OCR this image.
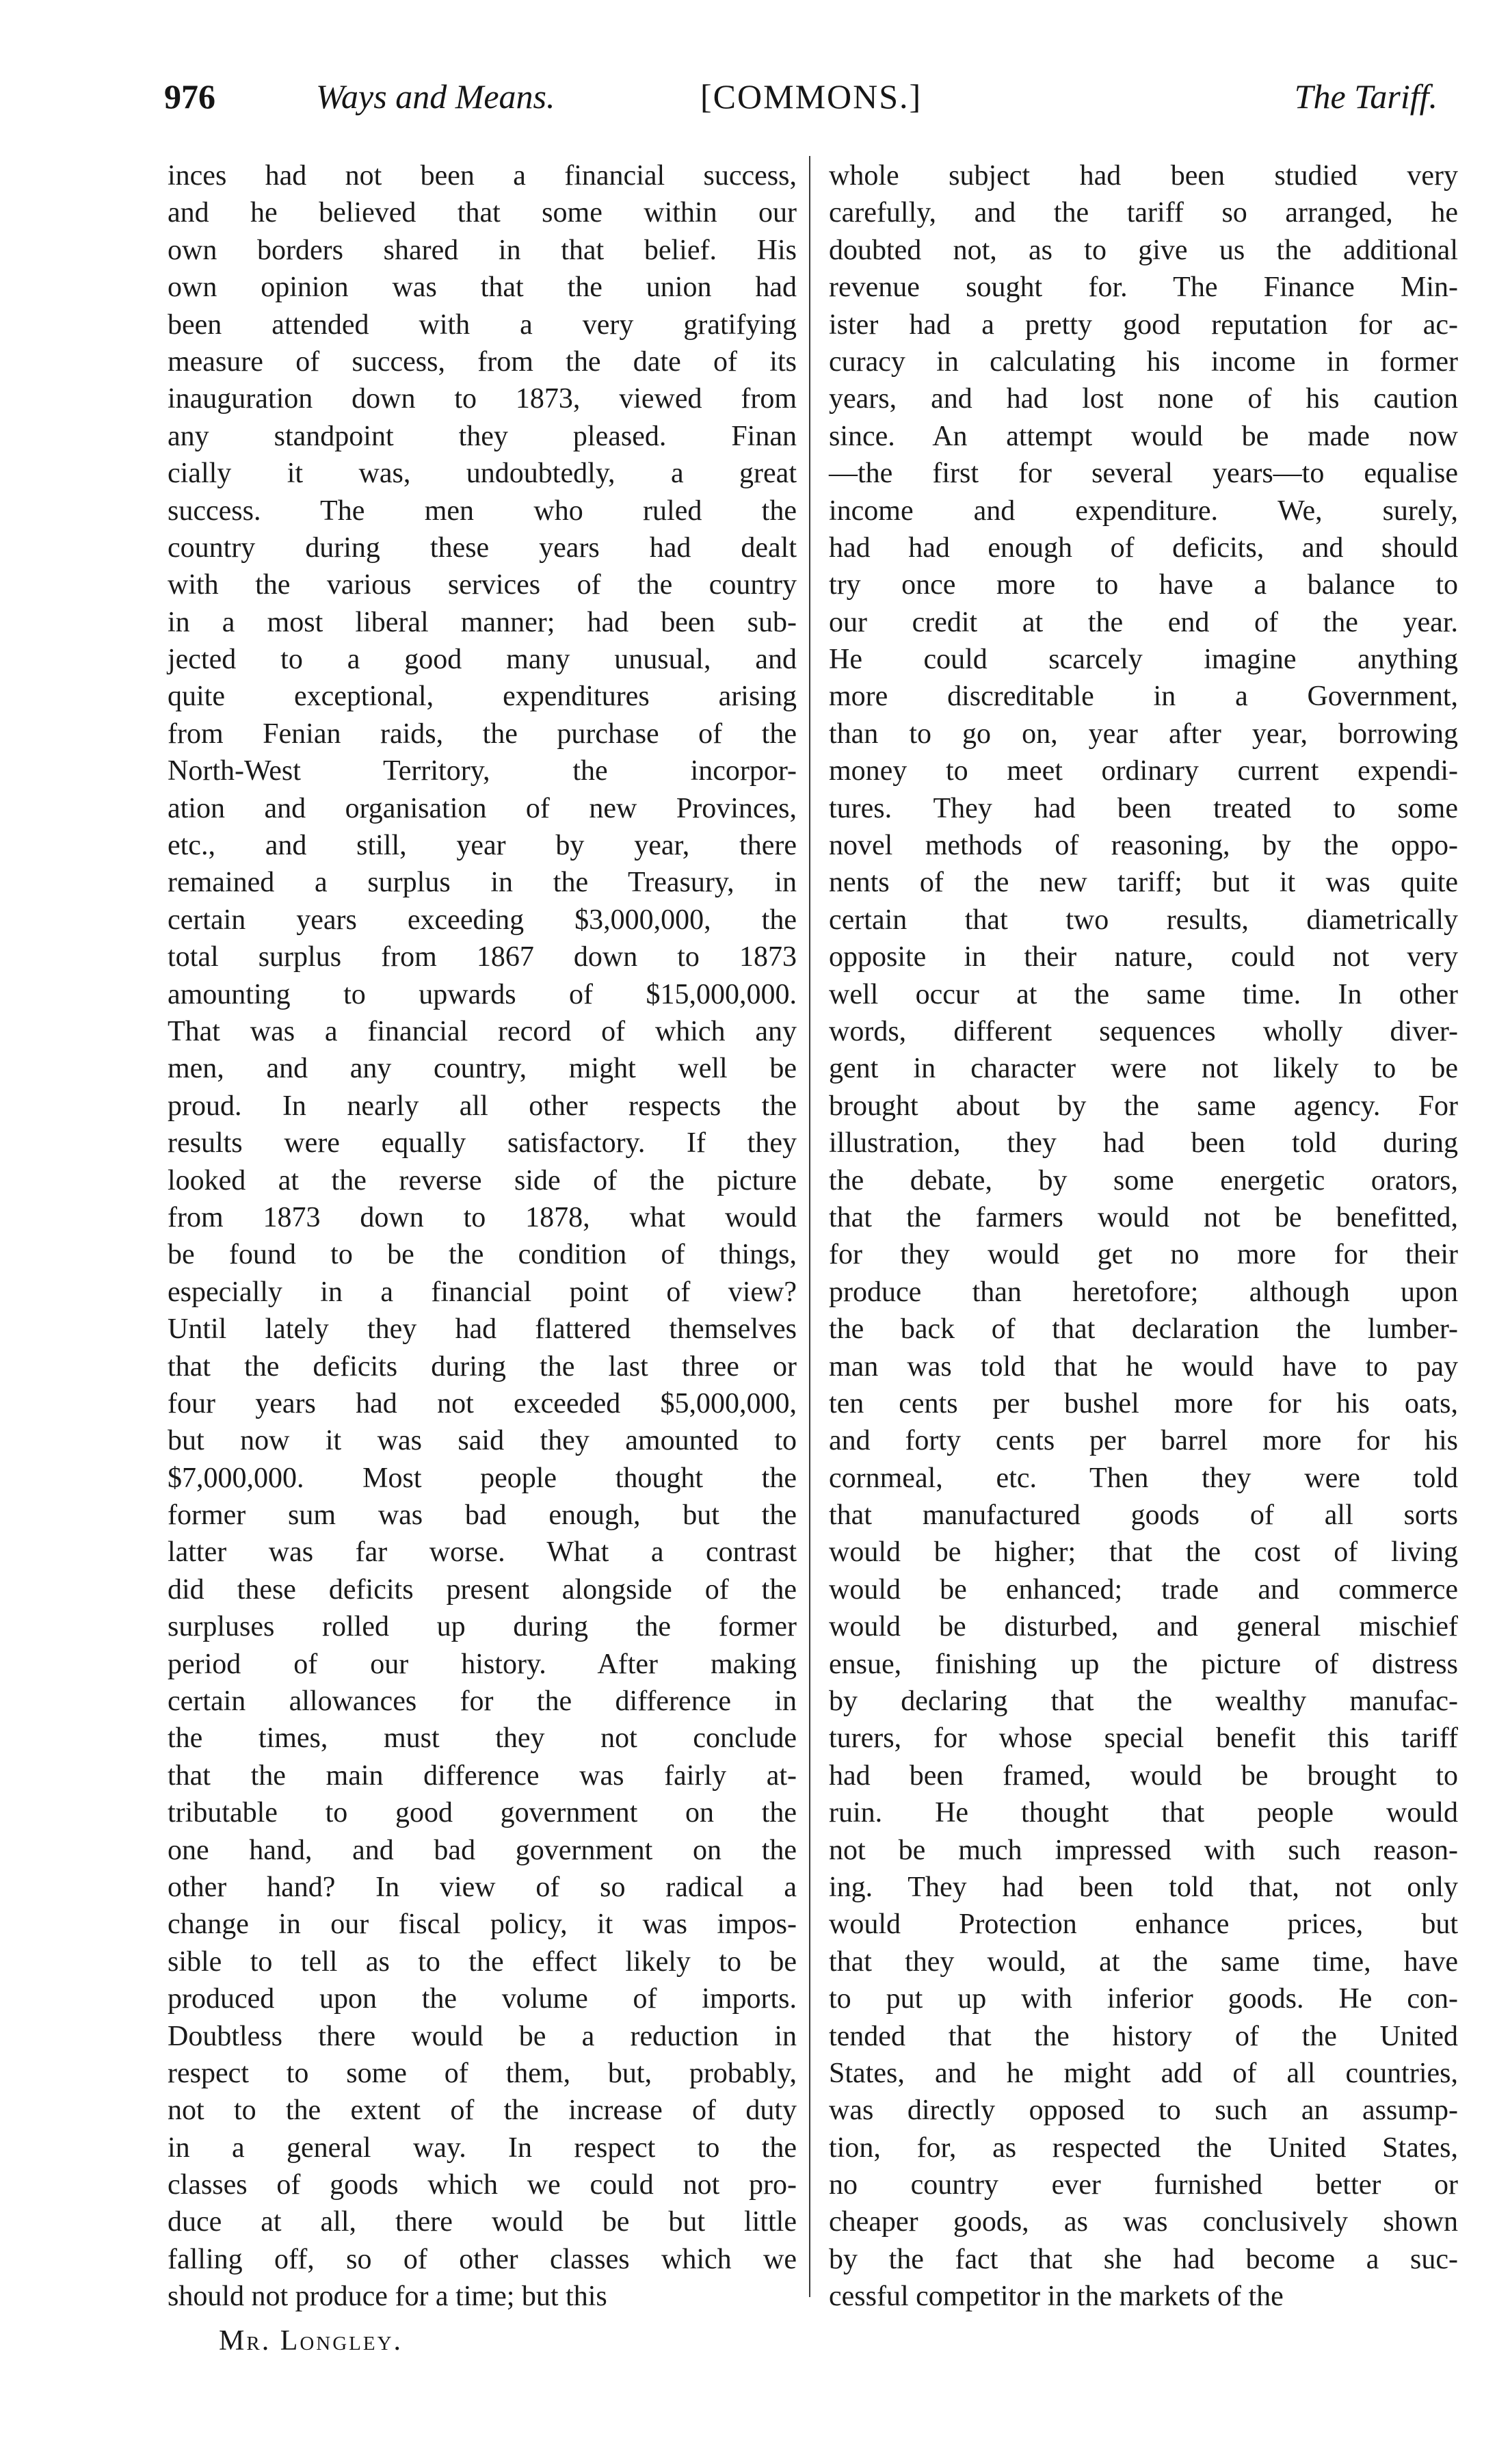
976	Ways and Means.	[COMMONS.]	The Tariff.
inces had not been a financial success,
and he believed that some within our
own borders shared in that belief. His
own opinion was that the union had
been attended with a very gratifying
measure of success, from the date of its
inauguration down to 1873, viewed from
any standpoint they pleased. Finan
cially it was, undoubtedly, a great
success. The men who ruled the
country during these years had dealt
with the various services of the country
in a most liberal manner; had been sub-
jected to a good many unusual, and
quite exceptional, expenditures arising
from Fenian raids, the purchase of the
North-West Territory, the incorpor-
ation and organisation of new Provinces,
etc., and still, year by year, there
remained a surplus in the Treasury, in
certain years exceeding $3,000,000, the
total surplus from 1867 down to 1873
amounting to upwards of $15,000,000.
That was a financial record of which any
men, and any country, might well be
proud. In nearly all other respects the
results were equally satisfactory. If they
looked at the reverse side of the picture
from 1873 down to 1878, what would
be found to be the condition of things,
especially in a financial point of view?
Until lately they had flattered themselves
that the deficits during the last three or
four years had not exceeded $5,000,000,
but now it was said they amounted to
$7,000,000. Most people thought the
former sum was bad enough, but the
latter was far worse. What a contrast
did these deficits present alongside of the
surpluses rolled up during the former
period of our history. After making
certain allowances for the difference in
the times, must they not conclude
that the main difference was fairly at-
tributable to good government on the
one hand, and bad government on the
other hand? In view of so radical a
change in our fiscal policy, it was impos-
sible to tell as to the effect likely to be
produced upon the volume of imports.
Doubtless there would be a reduction in
respect to some of them, but, probably,
not to the extent of the increase of duty
in a general way. In respect to the
classes of goods which we could not pro-
duce at all, there would be but little
falling off, so of other classes which we
should not produce for a time; but this
whole subject had been studied very
carefully, and the tariff so arranged, he
doubted not, as to give us the additional
revenue sought for. The Finance Min-
ister had a pretty good reputation for ac-
curacy in calculating his income in former
years, and had lost none of his caution
since. An attempt would be made now
—the first for several years—to equalise
income and expenditure. We, surely,
had had enough of deficits, and should
try once more to have a balance to
our credit at the end of the year.
He could scarcely imagine anything
more discreditable in a Government,
than to go on, year after year, borrowing
money to meet ordinary current expendi-
tures. They had been treated to some
novel methods of reasoning, by the oppo-
nents of the new tariff; but it was quite
certain that two results, diametrically
opposite in their nature, could not very
well occur at the same time. In other
words, different sequences wholly diver-
gent in character were not likely to be
brought about by the same agency. For
illustration, they had been told during
the debate, by some energetic orators,
that the farmers would not be benefitted,
for they would get no more for their
produce than heretofore; although upon
the back of that declaration the lumber-
man was told that he would have to pay
ten cents per bushel more for his oats,
and forty cents per barrel more for his
cornmeal, etc. Then they were told
that manufactured goods of all sorts
would be higher; that the cost of living
would be enhanced; trade and commerce
would be disturbed, and general mischief
ensue, finishing up the picture of distress
by declaring that the wealthy manufac-
turers, for whose special benefit this tariff
had been framed, would be brought to
ruin. He thought that people would
not be much impressed with such reason-
ing. They had been told that, not only
would Protection enhance prices, but
that they would, at the same time, have
to put up with inferior goods. He con-
tended that the history of the United
States, and he might add of all countries,
was directly opposed to such an assump-
tion, for, as respected the United States,
no country ever furnished better or
cheaper goods, as was conclusively shown
by the fact that she had become a suc-
cessful competitor in the markets of the
Mr. Longley.
